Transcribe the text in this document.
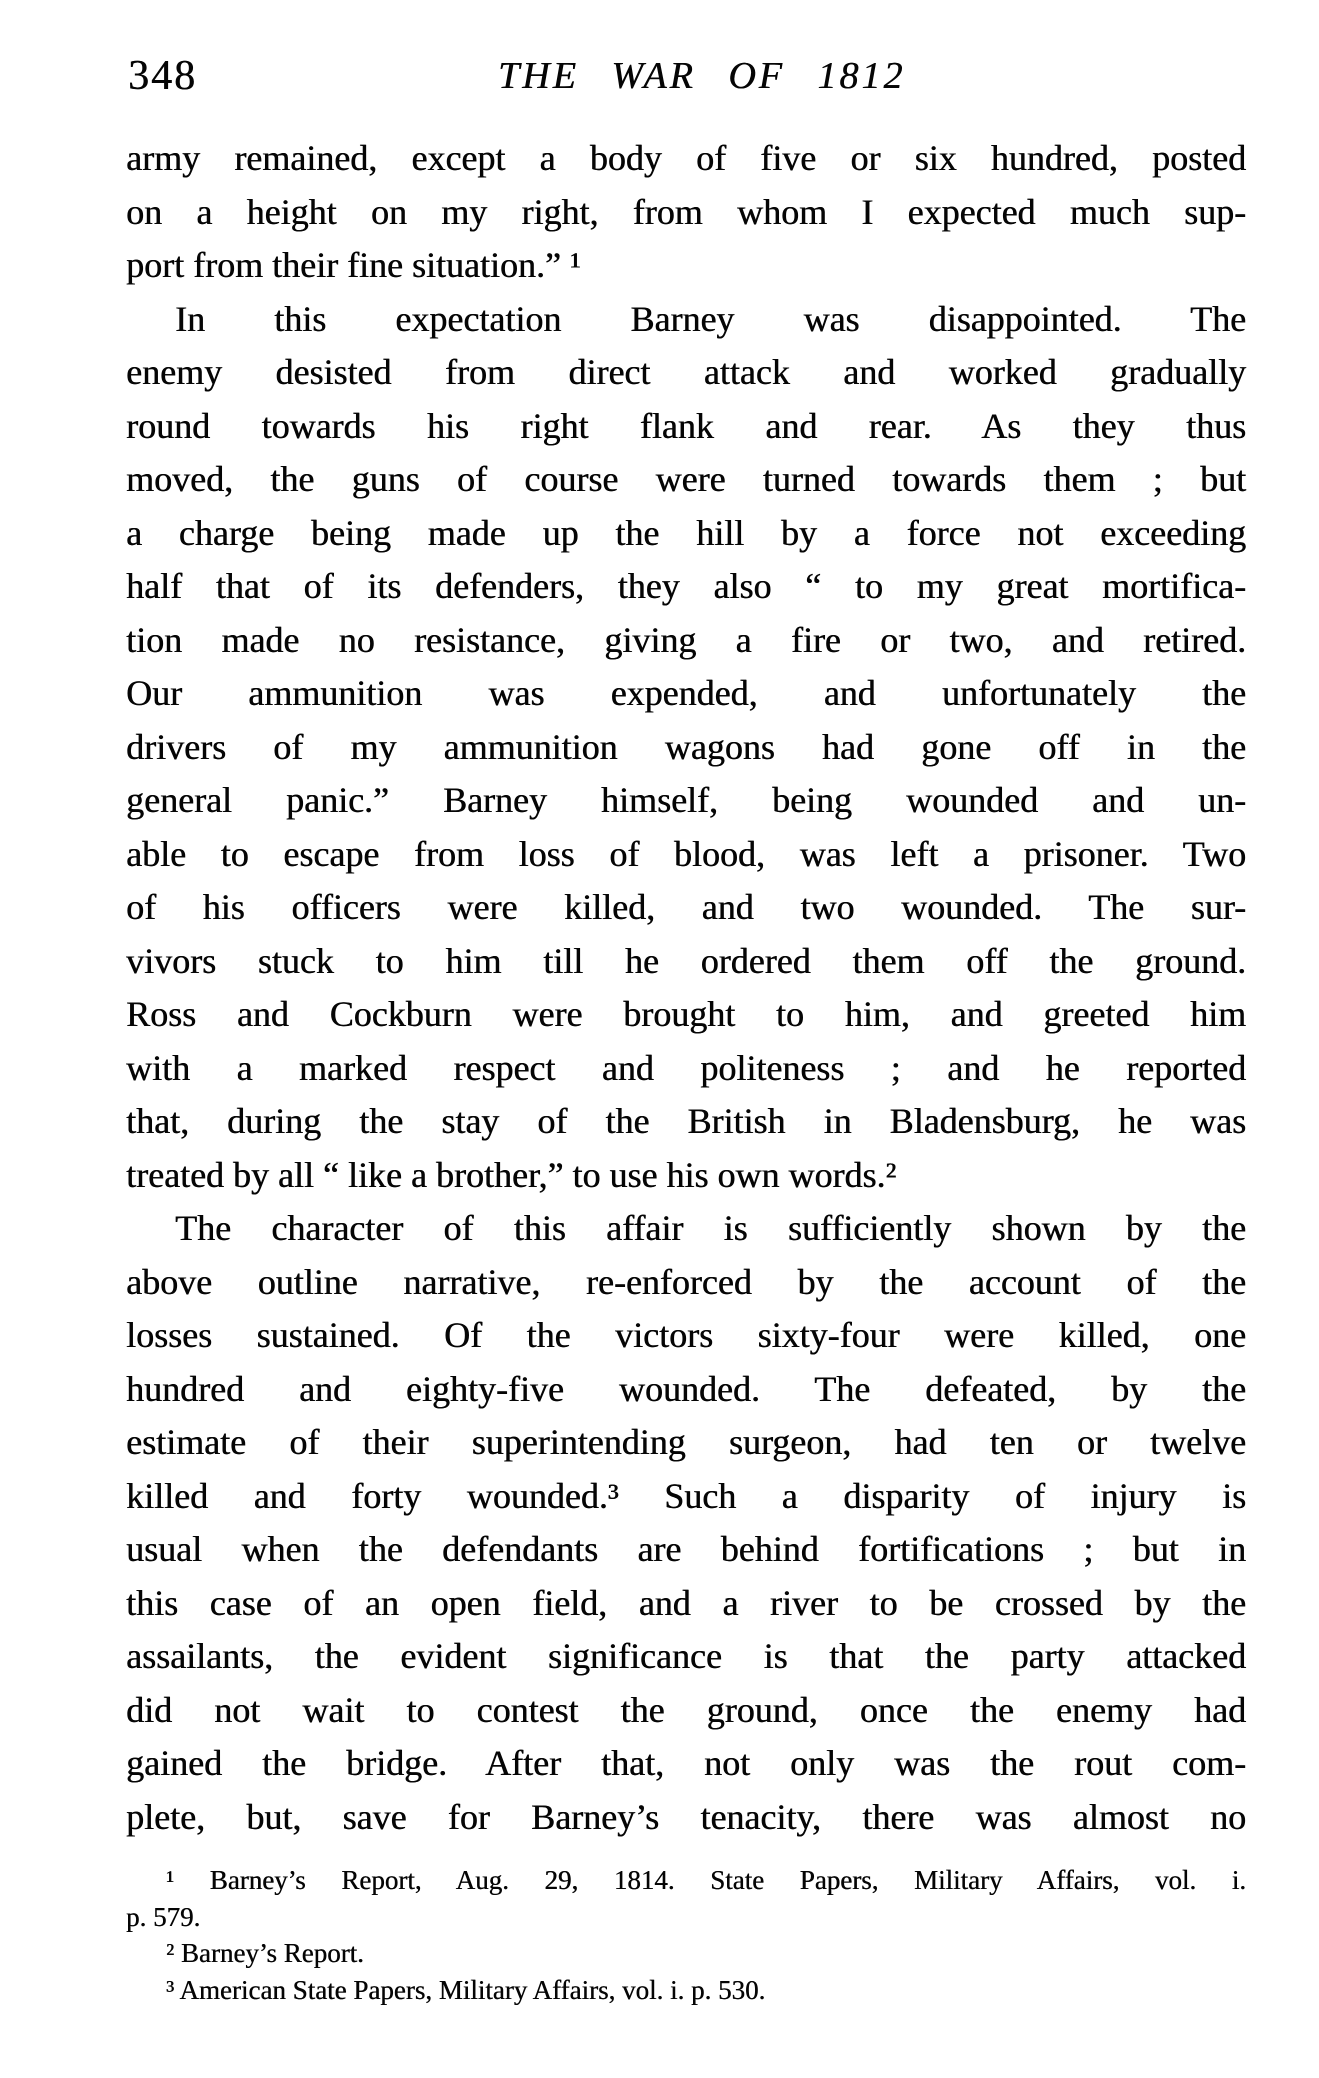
348	THE WAR OF 1812
army remained, except a body of five or six hundred, posted
on a height on my right, from whom I expected much sup-
port from their fine situation.” ¹
In this expectation Barney was disappointed. The
enemy desisted from direct attack and worked gradually
round towards his right flank and rear. As they thus
moved, the guns of course were turned towards them ; but
a charge being made up the hill by a force not exceeding
half that of its defenders, they also “ to my great mortifica-
tion made no resistance, giving a fire or two, and retired.
Our ammunition was expended, and unfortunately the
drivers of my ammunition wagons had gone off in the
general panic.” Barney himself, being wounded and un-
able to escape from loss of blood, was left a prisoner. Two
of his officers were killed, and two wounded. The sur-
vivors stuck to him till he ordered them off the ground.
Ross and Cockburn were brought to him, and greeted him
with a marked respect and politeness ; and he reported
that, during the stay of the British in Bladensburg, he was
treated by all “ like a brother,” to use his own words.²
The character of this affair is sufficiently shown by the
above outline narrative, re-enforced by the account of the
losses sustained. Of the victors sixty-four were killed, one
hundred and eighty-five wounded. The defeated, by the
estimate of their superintending surgeon, had ten or twelve
killed and forty wounded.³ Such a disparity of injury is
usual when the defendants are behind fortifications ; but in
this case of an open field, and a river to be crossed by the
assailants, the evident significance is that the party attacked
did not wait to contest the ground, once the enemy had
gained the bridge. After that, not only was the rout com-
plete, but, save for Barney’s tenacity, there was almost no
¹ Barney’s Report, Aug. 29, 1814. State Papers, Military Affairs, vol. i.
p. 579.
² Barney’s Report.
³ American State Papers, Military Affairs, vol. i. p. 530.
